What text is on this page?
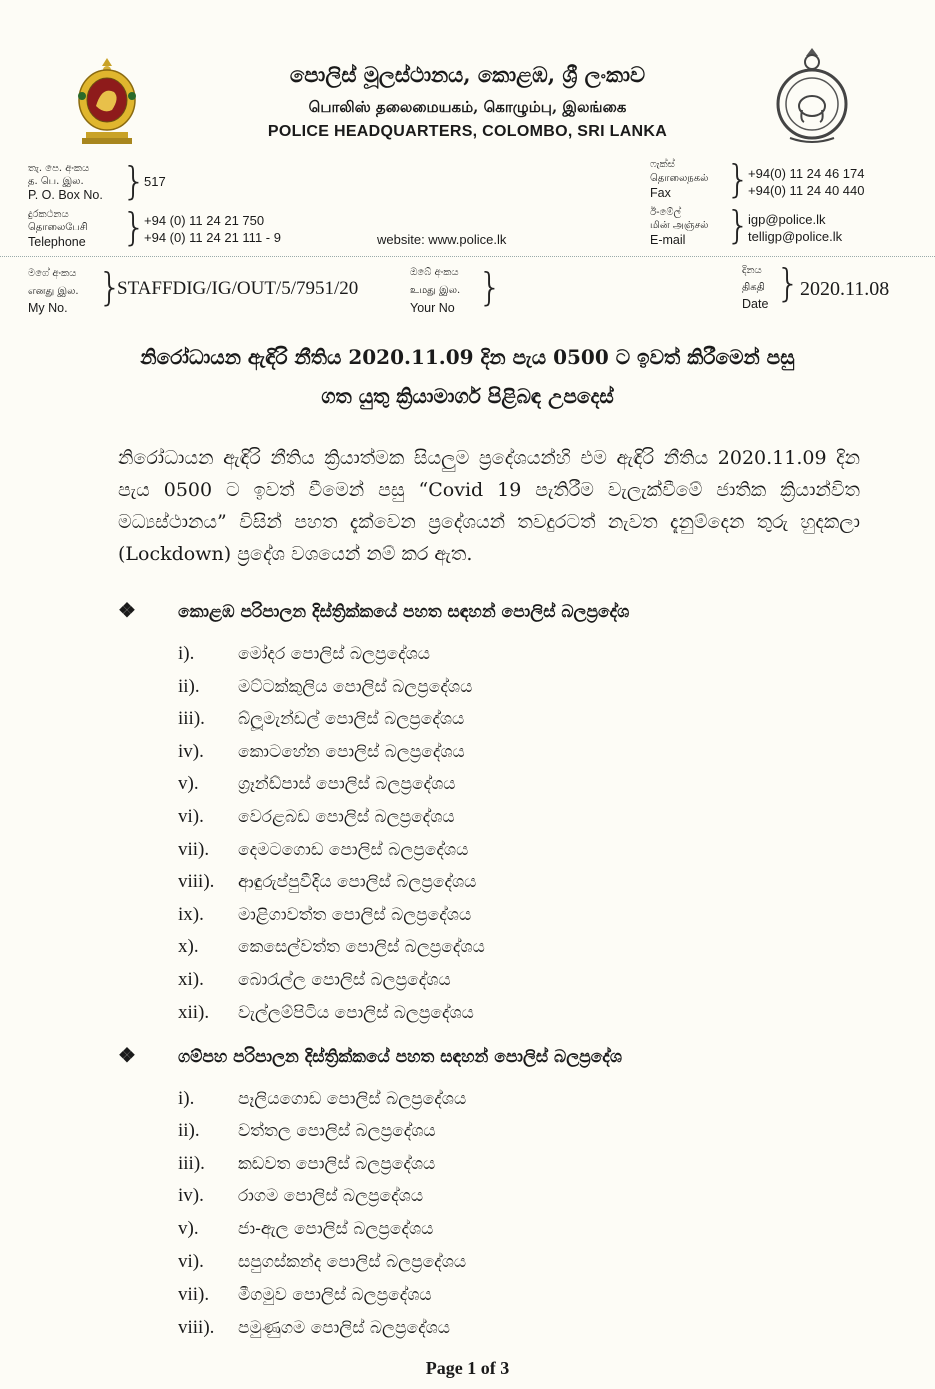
පොලිස් මූලස්ථානය, කොළඹ, ශ්‍රී ලංකාව
பொலிஸ் தலைமையகம், கொழும்பு, இலங்கை
POLICE HEADQUARTERS, COLOMBO, SRI LANKA
තැ. පෙ. අංකය
த. பெ. இல.
P. O. Box No. }
517
දුරකථනය
தொலைபேசி
Telephone }
+94 (0) 11 24 21 750
+94 (0) 11 24 21 111 - 9	website: www.police.lk
ෆැක්ස්
தொலைநகல்
Fax }
+94(0) 11 24 46 174
+94(0) 11 24 40 440
ඊ-මේල්
மின் அஞ்சல்
E-mail }
igp@police.lk
telligp@police.lk
මගේ අංකය
எனது இல.
My No. }
STAFFDIG/IG/OUT/5/7951/20
ඔබේ අංකය
உமது இல.
Your No }	දිනය
திகதி
Date } 2020.11.08
නිරෝධායන ඇඳිරි නීතිය 2020.11.09 දින පැය 0500 ට ඉවත් කිරීමෙන් පසු
ගත යුතු ක්‍රියාමාර්ග පිළිබඳ උපදෙස්
නිරෝධායන ඇඳිරි නීතිය ක්‍රියාත්මක සියලුම ප්‍රදේශයන්හි එම ඇඳිරි නීතිය 2020.11.09 දින පැය 0500 ට ඉවත් වීමෙන් පසු “Covid 19 පැතිරීම වැලැක්වීමේ ජාතික ක්‍රියාන්විත මධ්‍යස්ථානය” විසින් පහත දැක්වෙන ප්‍රදේශයන් තවදුරටත් නැවත දැනුම්දෙන තුරු හුදකලා (Lockdown) ප්‍රදේශ වශයෙන් නම් කර ඇත.
❖ කොළඹ පරිපාලන දිස්ත්‍රික්කයේ පහත සඳහන් පොලිස් බලප්‍රදේශ
i).	මෝදර පොලිස් බලප්‍රදේශය
ii). මට්ටක්කුලිය පොලිස් බලප්‍රදේශය
iii). බ්ලූමැන්ඩල් පොලිස් බලප්‍රදේශය
iv). කොටහේන පොලිස් බලප්‍රදේශය
v). ග්‍රෑන්ඩ්පාස් පොලිස් බලප්‍රදේශය
vi). වෙරළබඩ පොලිස් බලප්‍රදේශය
vii). දෙමටගොඩ පොලිස් බලප්‍රදේශය
viii). ආඳුරුප්පුවීදිය පොලිස් බලප්‍රදේශය
ix). මාළිගාවත්ත පොලිස් බලප්‍රදේශය
x). කෙසෙල්වත්ත පොලිස් බලප්‍රදේශය
xi). බොරැල්ල පොලිස් බලප්‍රදේශය
xii). වැල්ලම්පිටිය පොලිස් බලප්‍රදේශය
❖ ගම්පහ පරිපාලන දිස්ත්‍රික්කයේ පහත සඳහන් පොලිස් බලප්‍රදේශ
i).	පෑලියගොඩ පොලිස් බලප්‍රදේශය
ii). වත්තල පොලිස් බලප්‍රදේශය
iii). කඩවත පොලිස් බලප්‍රදේශය
iv). රාගම පොලිස් බලප්‍රදේශය
v). ජා-ඇල පොලිස් බලප්‍රදේශය
vi). සපුගස්කන්ද පොලිස් බලප්‍රදේශය
vii). මීගමුව පොලිස් බලප්‍රදේශය
viii). පමුණුගම පොලිස් බලප්‍රදේශය
Page 1 of 3
